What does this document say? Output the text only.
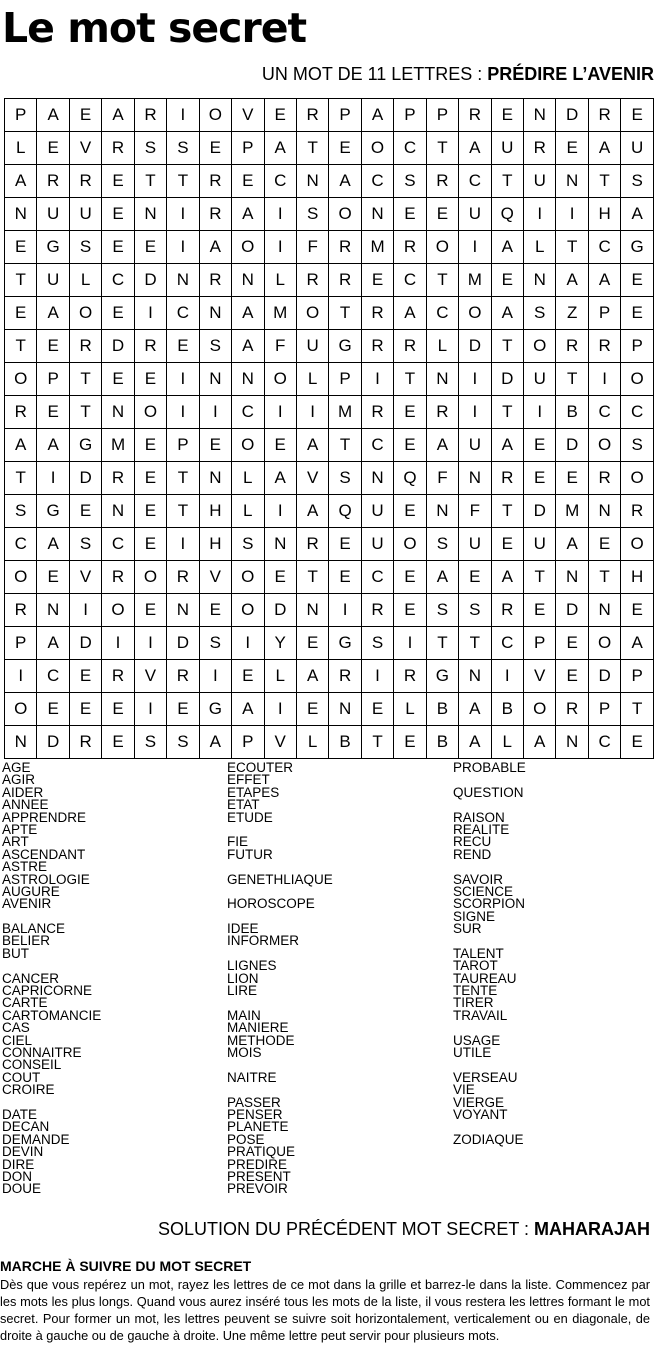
Le mot secret
UN MOT DE 11 LETTRES : PRÉDIRE L’AVENIR
P	A	E	A	R	I	O	V	E	R	P	A	P	P	R	E	N	D	R	E
L	E	V	R	S	S	E	P	A	T	E	O	C	T	A	U	R	E	A	U
A	R	R	E	T	T	R	E	C	N	A	C	S	R	C	T	U	N	T	S
N	U	U	E	N	I	R	A	I	S	O	N	E	E	U	Q	I	I	H	A
E	G	S	E	E	I	A	O	I	F	R	M	R	O	I	A	L	T	C	G
T	U	L	C	D	N	R	N	L	R	R	E	C	T	M	E	N	A	A	E
E	A	O	E	I	C	N	A	M	O	T	R	A	C	O	A	S	Z	P	E
T	E	R	D	R	E	S	A	F	U	G	R	R	L	D	T	O	R	R	P
O	P	T	E	E	I	N	N	O	L	P	I	T	N	I	D	U	T	I	O
R	E	T	N	O	I	I	C	I	I	M	R	E	R	I	T	I	B	C	C
A	A	G	M	E	P	E	O	E	A	T	C	E	A	U	A	E	D	O	S
T	I	D	R	E	T	N	L	A	V	S	N	Q	F	N	R	E	E	R	O
S	G	E	N	E	T	H	L	I	A	Q	U	E	N	F	T	D	M	N	R
C	A	S	C	E	I	H	S	N	R	E	U	O	S	U	E	U	A	E	O
O	E	V	R	O	R	V	O	E	T	E	C	E	A	E	A	T	N	T	H
R	N	I	O	E	N	E	O	D	N	I	R	E	S	S	R	E	D	N	E
P	A	D	I	I	D	S	I	Y	E	G	S	I	T	T	C	P	E	O	A
I	C	E	R	V	R	I	E	L	A	R	I	R	G	N	I	V	E	D	P
O	E	E	E	I	E	G	A	I	E	N	E	L	B	A	B	O	R	P	T
N	D	R	E	S	S	A	P	V	L	B	T	E	B	A	L	A	N	C	E
AGE
AGIR
AIDER
ANNEE
APPRENDRE
APTE
ART
ASCENDANT
ASTRE
ASTROLOGIE
AUGURE
AVENIR
BALANCE
BELIER
BUT
CANCER
CAPRICORNE
CARTE
CARTOMANCIE
CAS
CIEL
CONNAITRE
CONSEIL
COUT
CROIRE
DATE
DECAN
DEMANDE
DEVIN
DIRE
DON
DOUE
ECOUTER
EFFET
ETAPES
ETAT
ETUDE
FIE
FUTUR
GENETHLIAQUE
HOROSCOPE
IDEE
INFORMER
LIGNES
LION
LIRE
MAIN
MANIERE
METHODE
MOIS
NAITRE
PASSER
PENSER
PLANETE
POSE
PRATIQUE
PREDIRE
PRESENT
PREVOIR
PROBABLE
QUESTION
RAISON
REALITE
RECU
REND
SAVOIR
SCIENCE
SCORPION
SIGNE
SUR
TALENT
TAROT
TAUREAU
TENTE
TIRER
TRAVAIL
USAGE
UTILE
VERSEAU
VIE
VIERGE
VOYANT
ZODIAQUE
SOLUTION DU PRÉCÉDENT MOT SECRET : MAHARAJAH
MARCHE À SUIVRE DU MOT SECRET
Dès que vous repérez un mot, rayez les lettres de ce mot dans la grille et barrez-le dans la liste. Commencez par les mots les plus longs. Quand vous aurez inséré tous les mots de la liste, il vous restera les lettres formant le mot secret. Pour former un mot, les lettres peuvent se suivre soit horizontalement, verticalement ou en diagonale, de droite à gauche ou de gauche à droite. Une même lettre peut servir pour plusieurs mots.
